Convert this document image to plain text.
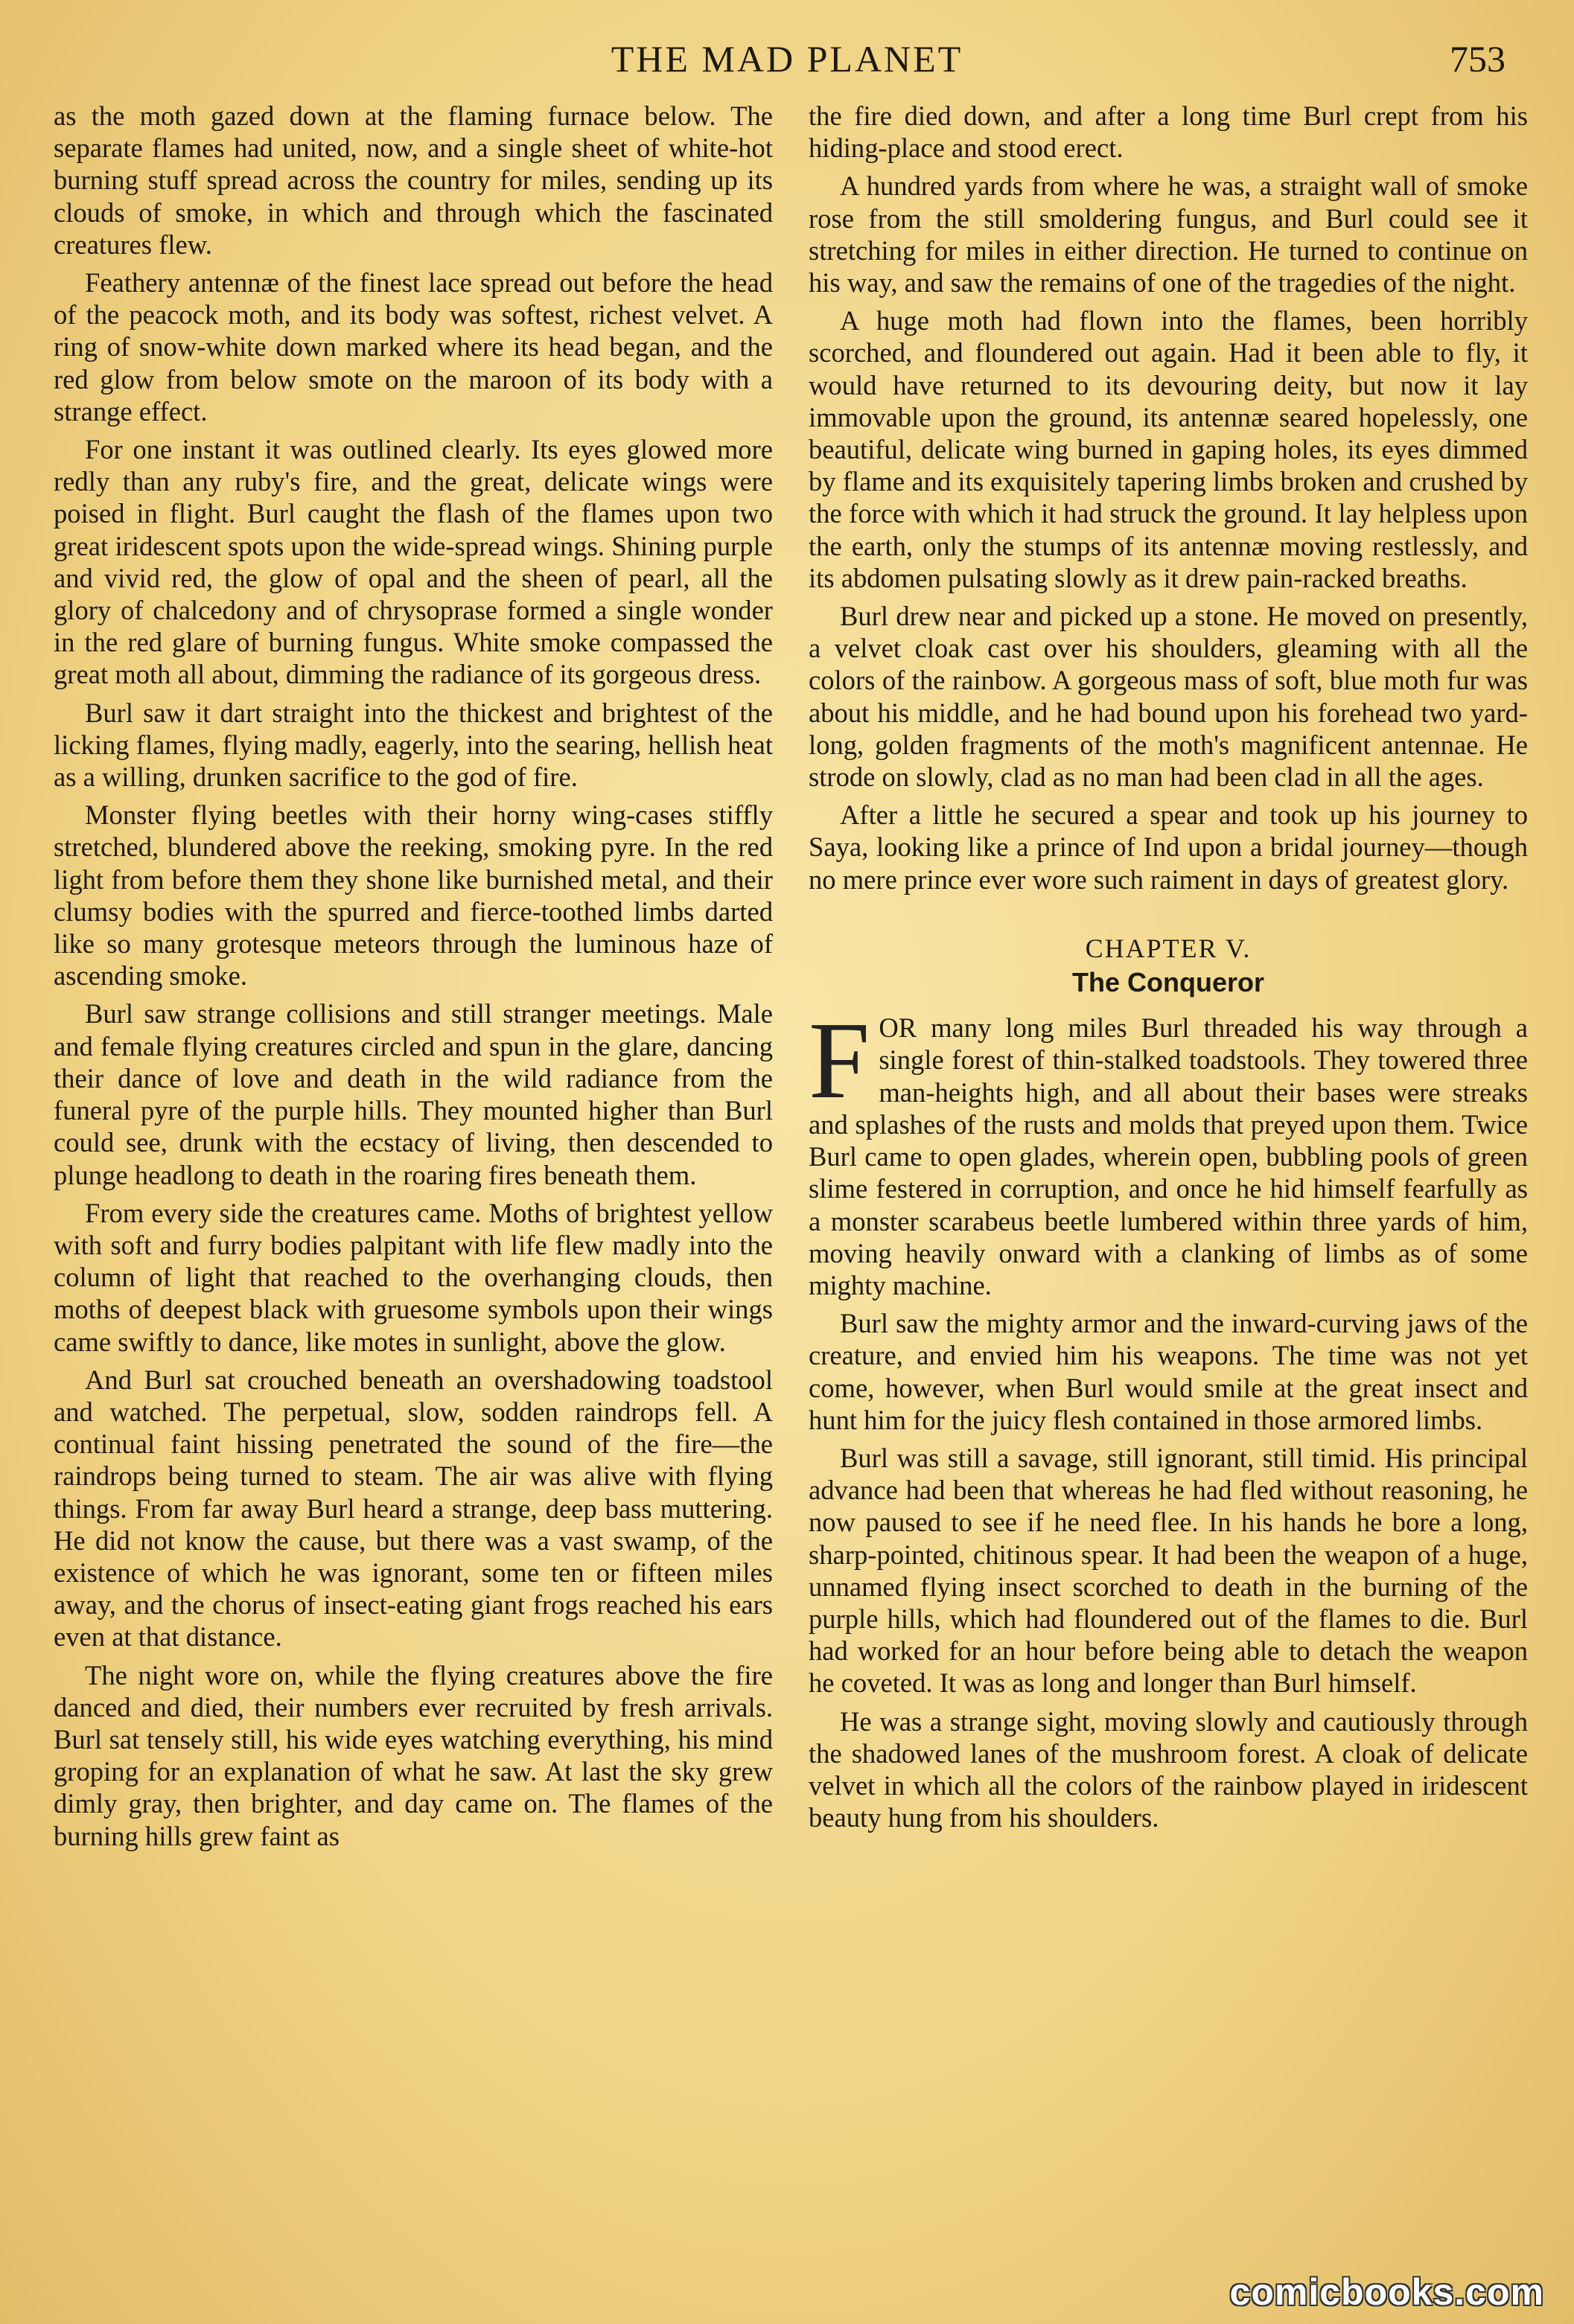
THE MAD PLANET	753

as the moth gazed down at the flaming furnace below. The separate flames had united, now, and a single sheet of white-hot burning stuff spread across the country for miles, sending up its clouds of smoke, in which and through which the fascinated creatures flew.

Feathery antennæ of the finest lace spread out before the head of the peacock moth, and its body was softest, richest velvet. A ring of snow-white down marked where its head began, and the red glow from below smote on the maroon of its body with a strange effect.

For one instant it was outlined clearly. Its eyes glowed more redly than any ruby's fire, and the great, delicate wings were poised in flight. Burl caught the flash of the flames upon two great iridescent spots upon the wide-spread wings. Shining purple and vivid red, the glow of opal and the sheen of pearl, all the glory of chalcedony and of chrysoprase formed a single wonder in the red glare of burning fungus. White smoke compassed the great moth all about, dimming the radiance of its gorgeous dress.

Burl saw it dart straight into the thickest and brightest of the licking flames, flying madly, eagerly, into the searing, hellish heat as a willing, drunken sacrifice to the god of fire.

Monster flying beetles with their horny wing-cases stiffly stretched, blundered above the reeking, smoking pyre. In the red light from before them they shone like burnished metal, and their clumsy bodies with the spurred and fierce-toothed limbs darted like so many grotesque meteors through the luminous haze of ascending smoke.

Burl saw strange collisions and still stranger meetings. Male and female flying creatures circled and spun in the glare, dancing their dance of love and death in the wild radiance from the funeral pyre of the purple hills. They mounted higher than Burl could see, drunk with the ecstacy of living, then descended to plunge headlong to death in the roaring fires beneath them.

From every side the creatures came. Moths of brightest yellow with soft and furry bodies palpitant with life flew madly into the column of light that reached to the overhanging clouds, then moths of deepest black with gruesome symbols upon their wings came swiftly to dance, like motes in sunlight, above the glow.

And Burl sat crouched beneath an overshadowing toadstool and watched. The perpetual, slow, sodden raindrops fell. A continual faint hissing penetrated the sound of the fire—the raindrops being turned to steam. The air was alive with flying things. From far away Burl heard a strange, deep bass muttering. He did not know the cause, but there was a vast swamp, of the existence of which he was ignorant, some ten or fifteen miles away, and the chorus of insect-eating giant frogs reached his ears even at that distance.

The night wore on, while the flying creatures above the fire danced and died, their numbers ever recruited by fresh arrivals. Burl sat tensely still, his wide eyes watching everything, his mind groping for an explanation of what he saw. At last the sky grew dimly gray, then brighter, and day came on. The flames of the burning hills grew faint as

the fire died down, and after a long time Burl crept from his hiding-place and stood erect.

A hundred yards from where he was, a straight wall of smoke rose from the still smoldering fungus, and Burl could see it stretching for miles in either direction. He turned to continue on his way, and saw the remains of one of the tragedies of the night.

A huge moth had flown into the flames, been horribly scorched, and floundered out again. Had it been able to fly, it would have returned to its devouring deity, but now it lay immovable upon the ground, its antennæ seared hopelessly, one beautiful, delicate wing burned in gaping holes, its eyes dimmed by flame and its exquisitely tapering limbs broken and crushed by the force with which it had struck the ground. It lay helpless upon the earth, only the stumps of its antennæ moving restlessly, and its abdomen pulsating slowly as it drew pain-racked breaths.

Burl drew near and picked up a stone. He moved on presently, a velvet cloak cast over his shoulders, gleaming with all the colors of the rainbow. A gorgeous mass of soft, blue moth fur was about his middle, and he had bound upon his forehead two yard-long, golden fragments of the moth's magnificent antennae. He strode on slowly, clad as no man had been clad in all the ages.

After a little he secured a spear and took up his journey to Saya, looking like a prince of Ind upon a bridal journey—though no mere prince ever wore such raiment in days of greatest glory.

CHAPTER V.
The Conqueror

FOR many long miles Burl threaded his way through a single forest of thin-stalked toadstools. They towered three man-heights high, and all about their bases were streaks and splashes of the rusts and molds that preyed upon them. Twice Burl came to open glades, wherein open, bubbling pools of green slime festered in corruption, and once he hid himself fearfully as a monster scarabeus beetle lumbered within three yards of him, moving heavily onward with a clanking of limbs as of some mighty machine.

Burl saw the mighty armor and the inward-curving jaws of the creature, and envied him his weapons. The time was not yet come, however, when Burl would smile at the great insect and hunt him for the juicy flesh contained in those armored limbs.

Burl was still a savage, still ignorant, still timid. His principal advance had been that whereas he had fled without reasoning, he now paused to see if he need flee. In his hands he bore a long, sharp-pointed, chitinous spear. It had been the weapon of a huge, unnamed flying insect scorched to death in the burning of the purple hills, which had floundered out of the flames to die. Burl had worked for an hour before being able to detach the weapon he coveted. It was as long and longer than Burl himself.

He was a strange sight, moving slowly and cautiously through the shadowed lanes of the mushroom forest. A cloak of delicate velvet in which all the colors of the rainbow played in iridescent beauty hung from his shoulders.

comicbooks.com
